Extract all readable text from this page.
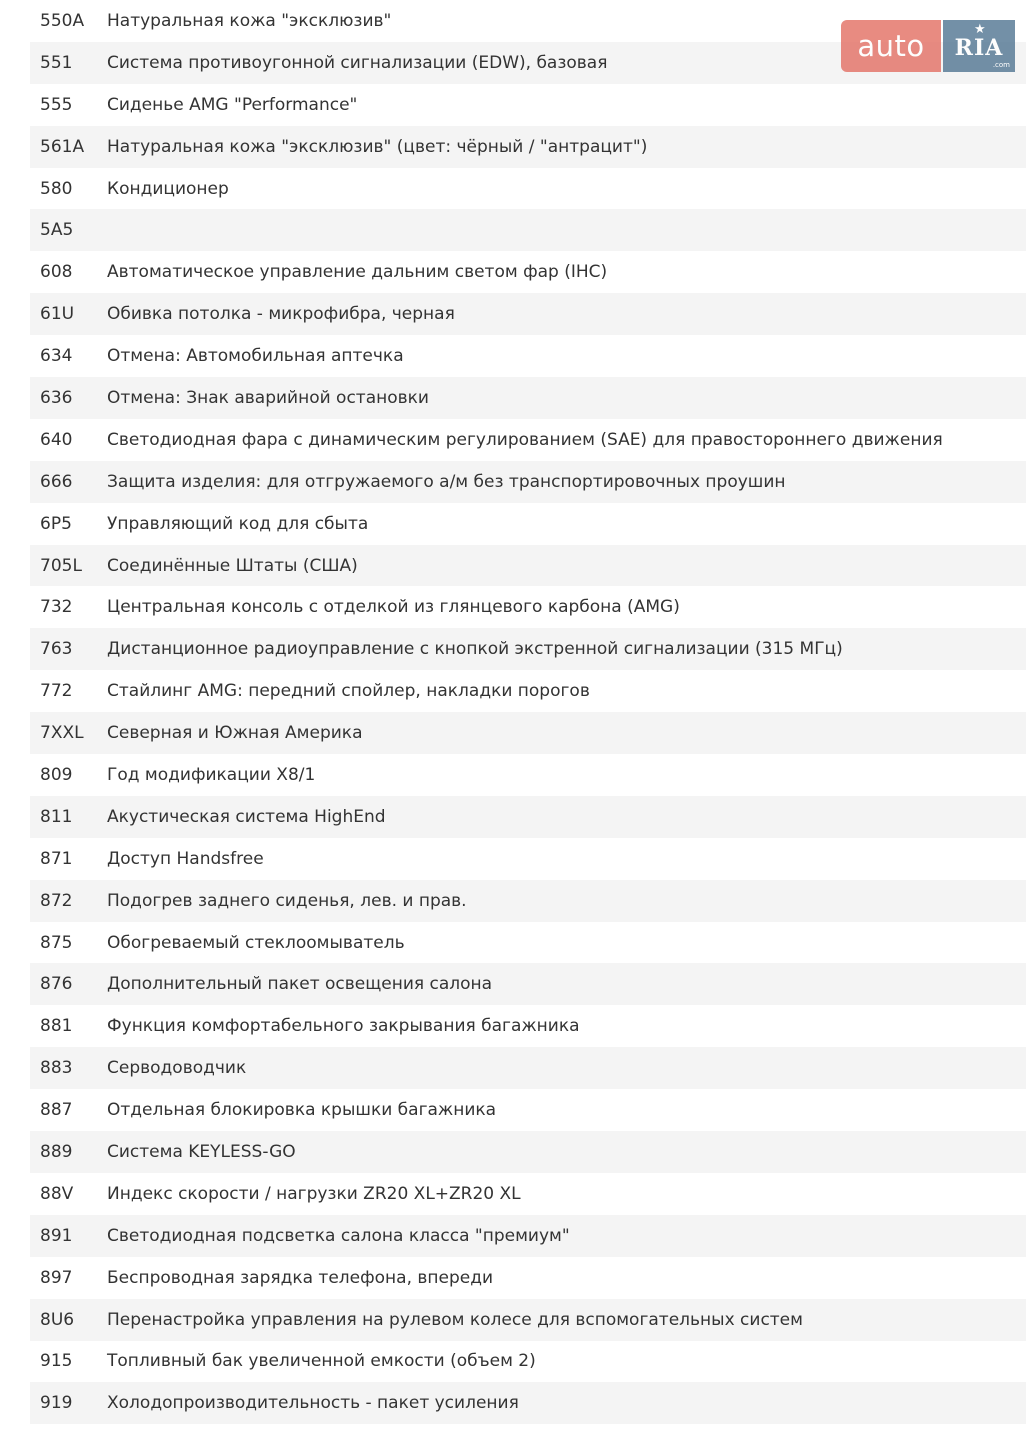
550A	Натуральная кожа "эксклюзив"
551	Система противоугонной сигнализации (EDW), базовая
555	Сиденье AMG "Performance"
561A	Натуральная кожа "эксклюзив" (цвет: чёрный / "антрацит")
580	Кондиционер
5A5
608	Автоматическое управление дальним светом фар (IHC)
61U	Обивка потолка - микрофибра, черная
634	Отмена: Автомобильная аптечка
636	Отмена: Знак аварийной остановки
640	Светодиодная фара с динамическим регулированием (SAE) для правостороннего движения
666	Защита изделия: для отгружаемого а/м без транспортировочных проушин
6P5	Управляющий код для сбыта
705L	Соединённые Штаты (США)
732	Центральная консоль с отделкой из глянцевого карбона (AMG)
763	Дистанционное радиоуправление с кнопкой экстренной сигнализации (315 МГц)
772	Стайлинг AMG: передний спойлер, накладки порогов
7XXL	Северная и Южная Америка
809	Год модификации X8/1
811	Акустическая система HighEnd
871	Доступ Handsfree
872	Подогрев заднего сиденья, лев. и прав.
875	Обогреваемый стеклоомыватель
876	Дополнительный пакет освещения салона
881	Функция комфортабельного закрывания багажника
883	Серводоводчик
887	Отдельная блокировка крышки багажника
889	Система KEYLESS-GO
88V	Индекс скорости / нагрузки ZR20 XL+ZR20 XL
891	Светодиодная подсветка салона класса "премиум"
897	Беспроводная зарядка телефона, впереди
8U6	Перенастройка управления на рулевом колесе для вспомогательных систем
915	Топливный бак увеличенной емкости (объем 2)
919	Холодопроизводительность - пакет усиления
auto	★
RIA
.com
